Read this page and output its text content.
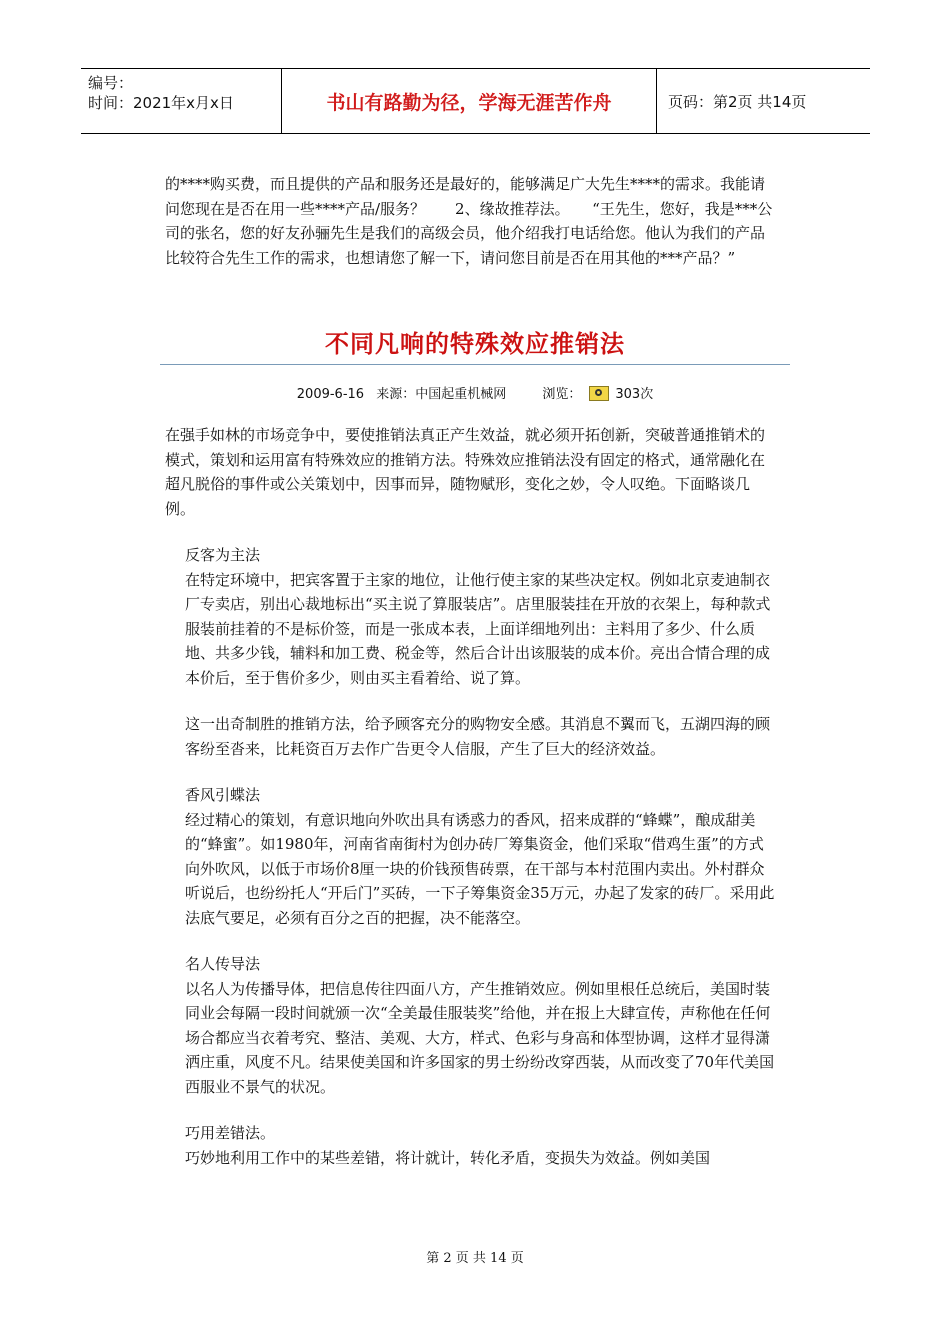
编号：
时间：2021年x月x日	书山有路勤为径，学海无涯苦作舟	页码：第2页 共14页

的****购买费，而且提供的产品和服务还是最好的，能够满足广大先生****的需求。我能请问您现在是否在用一些****产品/服务？　　2、缘故推荐法。　　“王先生，您好，我是***公司的张名，您的好友孙骊先生是我们的高级会员，他介绍我打电话给您。他认为我们的产品比较符合先生工作的需求，也想请您了解一下，请问您目前是否在用其他的***产品？”

不同凡响的特殊效应推销法
2009-6-16 来源：中国起重机械网	浏览：	303次

在强手如林的市场竞争中，要使推销法真正产生效益，就必须开拓创新，突破普通推销术的模式，策划和运用富有特殊效应的推销方法。特殊效应推销法没有固定的格式，通常融化在超凡脱俗的事件或公关策划中，因事而异，随物赋形，变化之妙，令人叹绝。下面略谈几例。

反客为主法

在特定环境中，把宾客置于主家的地位，让他行使主家的某些决定权。例如北京麦迪制衣厂专卖店，别出心裁地标出“买主说了算服装店”。店里服装挂在开放的衣架上，每种款式服装前挂着的不是标价签，而是一张成本表，上面详细地列出：主料用了多少、什么质地、共多少钱，辅料和加工费、税金等，然后合计出该服装的成本价。亮出合情合理的成本价后，至于售价多少，则由买主看着给、说了算。

这一出奇制胜的推销方法，给予顾客充分的购物安全感。其消息不翼而飞，五湖四海的顾客纷至沓来，比耗资百万去作广告更令人信服，产生了巨大的经济效益。

香风引蝶法

经过精心的策划，有意识地向外吹出具有诱惑力的香风，招来成群的“蜂蝶”，酿成甜美的“蜂蜜”。如1980年，河南省南街村为创办砖厂筹集资金，他们采取“借鸡生蛋”的方式向外吹风，以低于市场价8厘一块的价钱预售砖票，在干部与本村范围内卖出。外村群众听说后，也纷纷托人“开后门”买砖，一下子筹集资金35万元，办起了发家的砖厂。采用此法底气要足，必须有百分之百的把握，决不能落空。

名人传导法

以名人为传播导体，把信息传往四面八方，产生推销效应。例如里根任总统后，美国时装同业会每隔一段时间就颁一次“全美最佳服装奖”给他，并在报上大肆宣传，声称他在任何场合都应当衣着考究、整洁、美观、大方，样式、色彩与身高和体型协调，这样才显得潇洒庄重，风度不凡。结果使美国和许多国家的男士纷纷改穿西装，从而改变了70年代美国西服业不景气的状况。

巧用差错法。

巧妙地利用工作中的某些差错，将计就计，转化矛盾，变损失为效益。例如美国

第 2 页 共 14 页
